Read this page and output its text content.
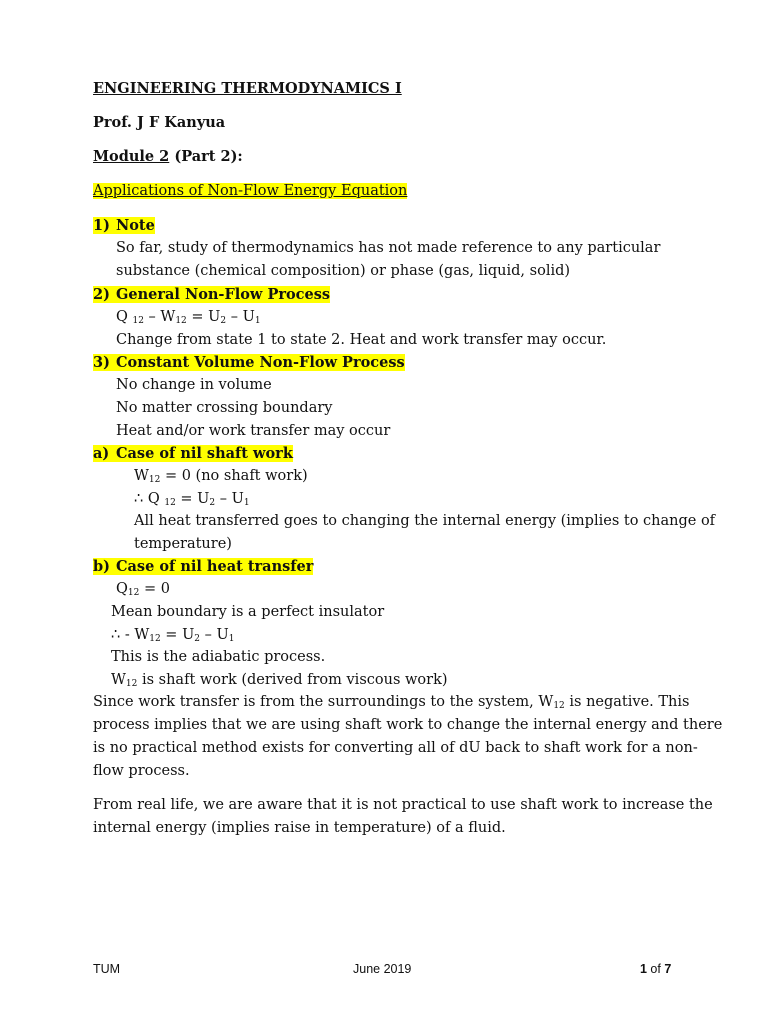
ENGINEERING THERMODYNAMICS I
Prof. J F Kanyua
Module 2 (Part 2):
Applications of Non-Flow Energy Equation
1) Note
So far, study of thermodynamics has not made reference to any particular
substance (chemical composition) or phase (gas, liquid, solid)
2) General Non-Flow Process
Q $_{12} - W_{12} = U_2 - U_1$
Change from state 1 to state 2. Heat and work transfer may occur.
3) Constant Volume Non-Flow Process
No change in volume
No matter crossing boundary
Heat and/or work transfer may occur
a) Case of nil shaft work
$W_{12} = 0$ (no shaft work)
∴ Q $_{12} = U_2 - U_1$
All heat transferred goes to changing the internal energy (implies to change of
temperature)
b) Case of nil heat transfer
$Q_{12} = 0$
Mean boundary is a perfect insulator
∴ - $W_{12} = U_2 - U_1$
This is the adiabatic process.
$W_{12}$ is shaft work (derived from viscous work)
Since work transfer is from the surroundings to the system, $W_{12}$ is negative. This
process implies that we are using shaft work to change the internal energy and there
is no practical method exists for converting all of dU back to shaft work for a non-
flow process.
From real life, we are aware that it is not practical to use shaft work to increase the
internal energy (implies raise in temperature) of a fluid.
TUM	June 2019	1 of 7
